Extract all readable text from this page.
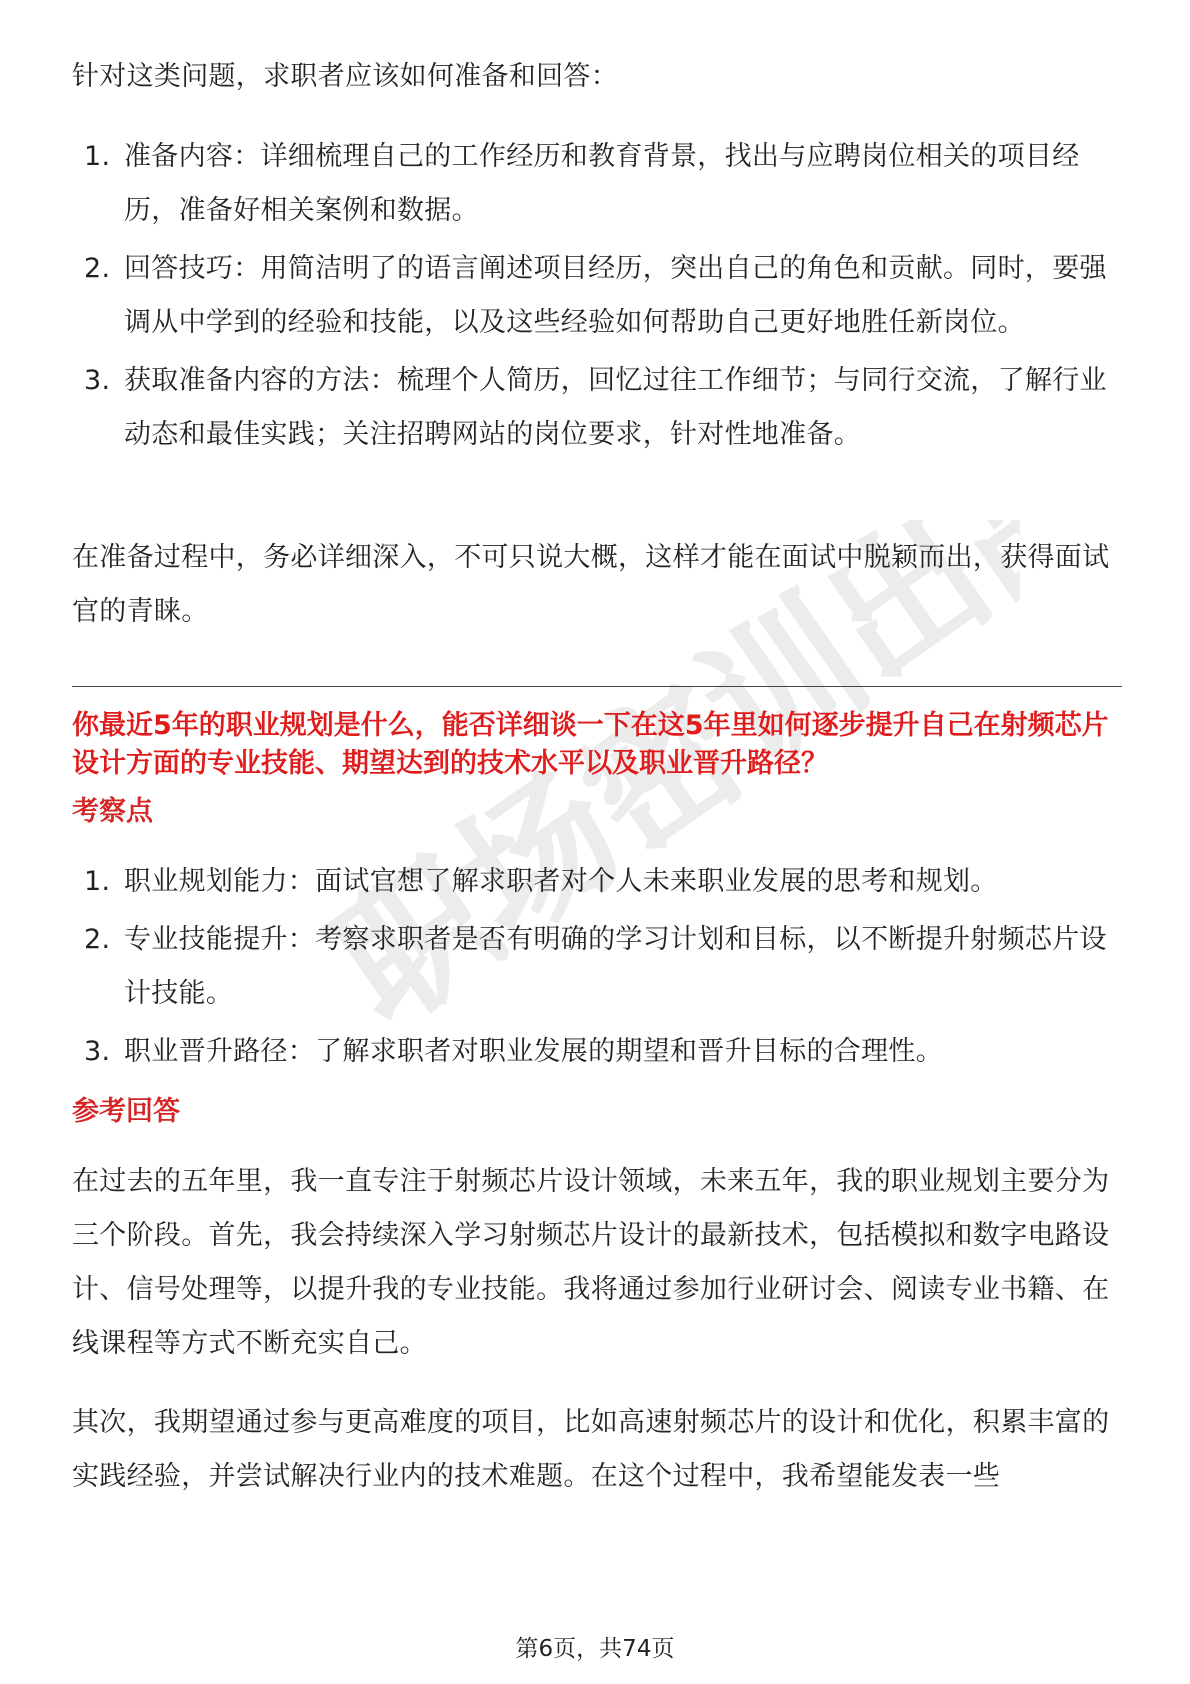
职场密训出品

针对这类问题，求职者应该如何准备和回答：

1. 准备内容：详细梳理自己的工作经历和教育背景，找出与应聘岗位相关的项目经历，准备好相关案例和数据。
2. 回答技巧：用简洁明了的语言阐述项目经历，突出自己的角色和贡献。同时，要强调从中学到的经验和技能，以及这些经验如何帮助自己更好地胜任新岗位。
3. 获取准备内容的方法：梳理个人简历，回忆过往工作细节；与同行交流，了解行业动态和最佳实践；关注招聘网站的岗位要求，针对性地准备。

在准备过程中，务必详细深入，不可只说大概，这样才能在面试中脱颖而出，获得面试官的青睐。

你最近5年的职业规划是什么，能否详细谈一下在这5年里如何逐步提升自己在射频芯片设计方面的专业技能、期望达到的技术水平以及职业晋升路径？

考察点

1. 职业规划能力：面试官想了解求职者对个人未来职业发展的思考和规划。
2. 专业技能提升：考察求职者是否有明确的学习计划和目标，以不断提升射频芯片设计技能。
3. 职业晋升路径：了解求职者对职业发展的期望和晋升目标的合理性。

参考回答

在过去的五年里，我一直专注于射频芯片设计领域，未来五年，我的职业规划主要分为三个阶段。首先，我会持续深入学习射频芯片设计的最新技术，包括模拟和数字电路设计、信号处理等，以提升我的专业技能。我将通过参加行业研讨会、阅读专业书籍、在线课程等方式不断充实自己。

其次，我期望通过参与更高难度的项目，比如高速射频芯片的设计和优化，积累丰富的实践经验，并尝试解决行业内的技术难题。在这个过程中，我希望能发表一些

第6页，共74页
